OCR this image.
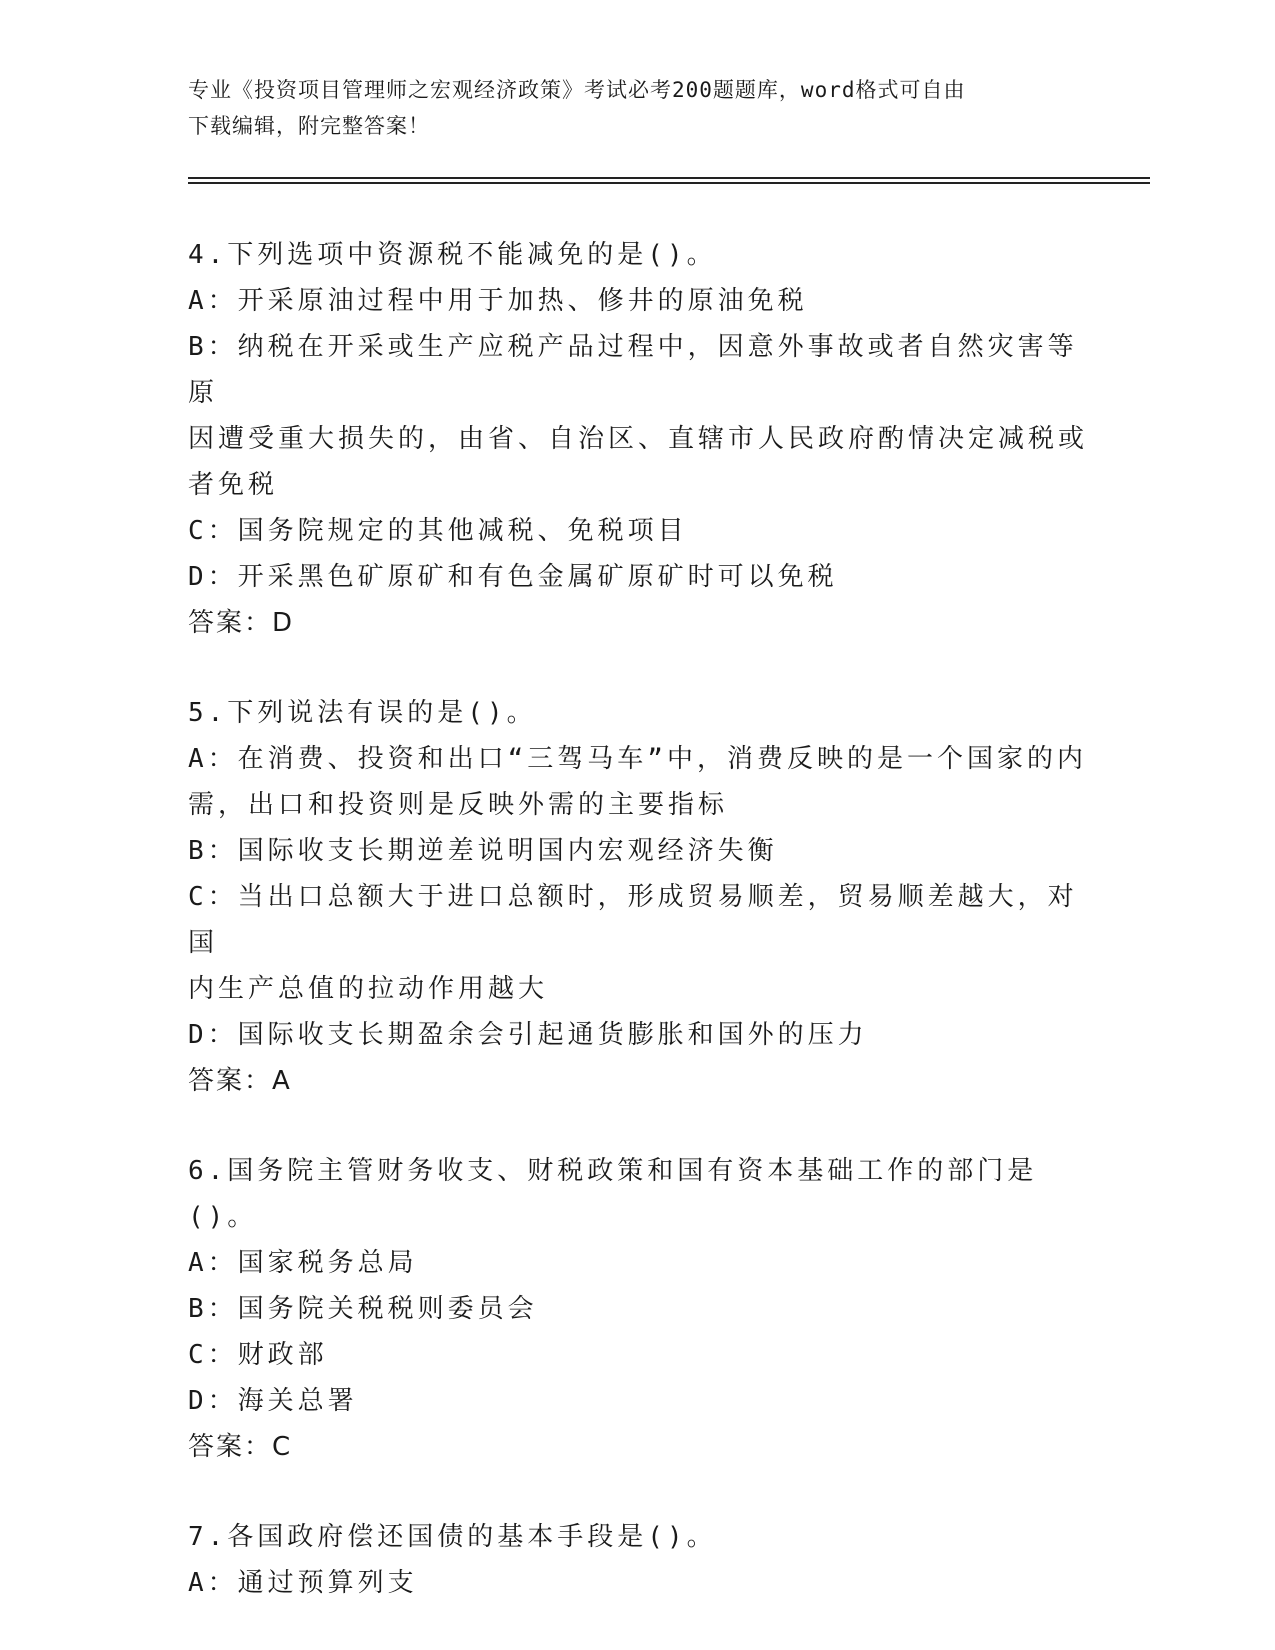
专业《投资项目管理师之宏观经济政策》考试必考200题题库，word格式可自由
下载编辑，附完整答案！
4.下列选项中资源税不能减免的是()。
A：开采原油过程中用于加热、修井的原油免税
B：纳税在开采或生产应税产品过程中，因意外事故或者自然灾害等原
因遭受重大损失的，由省、自治区、直辖市人民政府酌情决定减税或
者免税
C：国务院规定的其他减税、免税项目
D：开采黑色矿原矿和有色金属矿原矿时可以免税
答案：D
5.下列说法有误的是()。
A：在消费、投资和出口“三驾马车”中，消费反映的是一个国家的内
需，出口和投资则是反映外需的主要指标
B：国际收支长期逆差说明国内宏观经济失衡
C：当出口总额大于进口总额时，形成贸易顺差，贸易顺差越大，对国
内生产总值的拉动作用越大
D：国际收支长期盈余会引起通货膨胀和国外的压力
答案：A
6.国务院主管财务收支、财税政策和国有资本基础工作的部门是()。
A：国家税务总局
B：国务院关税税则委员会
C：财政部
D：海关总署
答案：C
7.各国政府偿还国债的基本手段是()。
A：通过预算列支
